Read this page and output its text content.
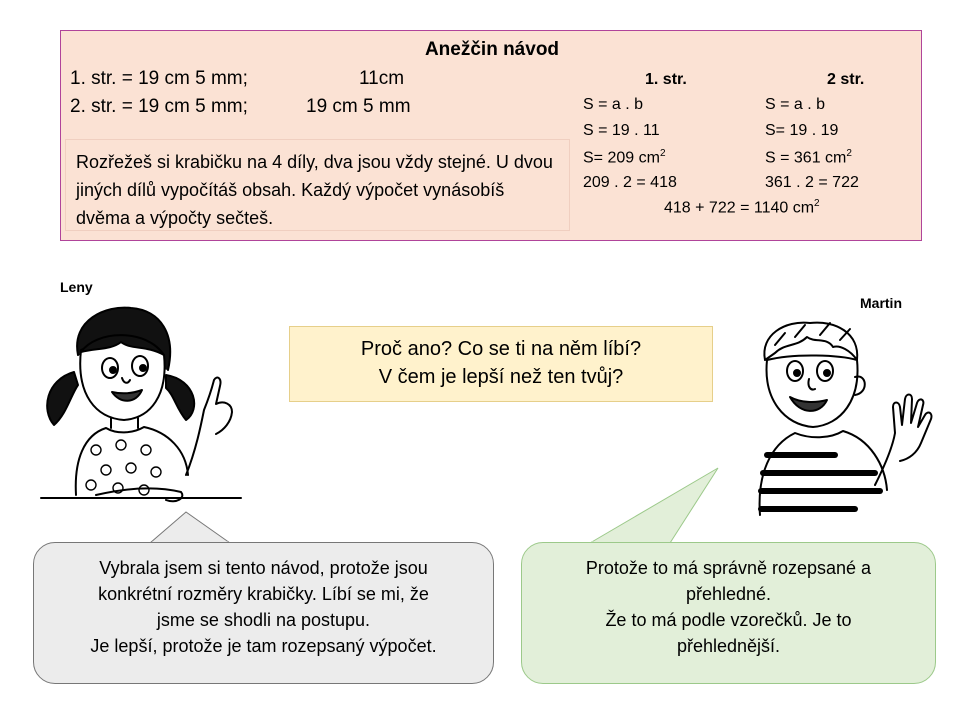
Anežčin návod
1. str. = 19 cm 5 mm;	11cm
2. str. = 19 cm 5 mm;	19 cm 5 mm
Rozřežeš si krabičku na 4 díly, dva jsou vždy stejné. U dvou jiných dílů vypočítáš obsah. Každý výpočet vynásobíš dvěma a výpočty sečteš.
1. str.
S = a . b
S = 19 . 11
S= 209 $cm^2$
209 . 2 = 418
2 str.
S = a . b
S= 19 . 19
S = 361 $cm^2$
361 . 2 = 722
418 + 722 = 1140 $cm^2$
Proč ano? Co se ti na něm líbí?
V čem je lepší než ten tvůj?
Leny
Martin
Vybrala jsem si tento návod, protože jsou
konkrétní rozměry krabičky. Líbí se mi, že
jsme se shodli na postupu.
Je lepší, protože je tam rozepsaný výpočet.
Protože to má správně rozepsané a
přehledné.
Že to má podle vzorečků. Je to
přehlednější.
